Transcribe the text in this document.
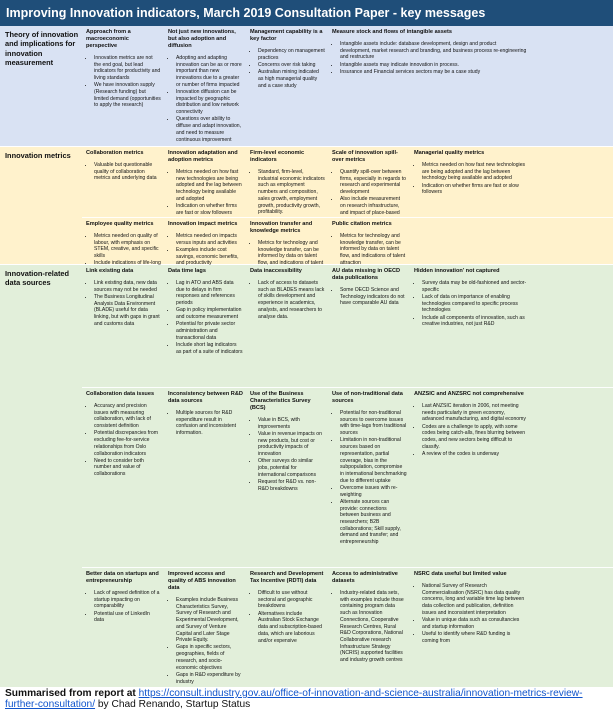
Improving Innovation indicators, March 2019 Consultation Paper - key messages
Theory of innovation and implications for innovation measurement
Approach from a macroeconomic perspective
• Innovation metrics are not the end goal, but lead indicators for productivity and living standards
• We have innovation supply (Research funding) but limited demand (opportunities to apply the research)
Not just new innovations, but also adoption and diffusion
• Adopting and adapting innovation can be as or more important than new innovations due to a greater or number of firms impacted
• Innovation diffusion can be impacted by geographic distribution and low network connectivity
• Questions over ability to diffuse and adapt innovation, and need to measure continuous improvement
Management capability is a key factor
• Dependency on management practices
• Concerns over risk taking
• Australian mining indicated as high managerial quality and a case study
Measure stock and flows of intangible assets
• Intangible assets include: database development, design and product development, market research and branding, and business process re-engineering and restructure
• Intangible assets may indicate innovation in process.
• Insurance and Financial services sectors may be a case study
Innovation metrics	Collaboration metrics
• Valuable but questionable quality of collaboration metrics and underlying data
Innovation adaptation and adoption metrics
• Metrics needed on how fast new technologies are being adopted and the lag between technology being available and adopted
• Indication on whether firms are fast or slow followers
Firm-level economic indicators
• Standard, firm-level, industrial economic indicators such as employment numbers and composition, sales growth, employment growth, productivity growth, profitability.
•
Scale of innovation spill-over metrics
• Quantify spill-over between firms, especially in regards to research and experimental development
• Also include measurement on research infrastructure, and impact of place-based
Managerial quality metrics
• Metrics needed on how fast new technologies are being adopted and the lag between technology being available and adopted
• Indication on whether firms are fast or slow followers
Employee quality metrics
• Metrics needed on quality of labour, with emphasis on STEM, creative, and specific skills
• Include indications of life-long
Innovation impact metrics
• Metrics needed on impacts versus inputs and activities
• Examples include cost savings, economic benefits, and productivity
Innovation transfer and knowledge metrics
• Metrics for technology and knowledge transfer, can be informed by data on talent flow, and indications of talent
Public citation metrics
• Metrics for technology and knowledge transfer, can be informed by data on talent flow, and indications of talent attraction
Innovation-related data sources
Link existing data
• Link existing data, new data sources may not be needed
• The Business Longitudinal Analysis Data Environment (BLADE) useful for data linking, but with gaps in grant and customs data
Data time lags
• Lag in ATO and ABS data due to delays in firm responses and references periods
• Gap in policy implementation and outcome measurement
• Potential for private sector administration and transactional data
• Include short lag indicators as part of a suite of indicators
Data inaccessibility
• Lack of access to datasets such as BLADES means lack of skills development and experience in academics, analysts, and researchers to analyse data.
AU data missing in OECD data publications
• Some OECD Science and Technology indicators do not have comparable AU data
Hidden innovation' not captured
• Survey data may be old-fashioned and sector-specific
• Lack of data on importance of enabling technologies compared to specific process technologies
• Include all components of innovation, such as creative industries, not just R&D
Collaboration data issues
• Accuracy and precision issues with measuring collaboration, with lack of consistent definition
• Potential discrepancies from excluding fee-for-service relationships from Oslo collaboration indicators
• Need to consider both number and value of collaborations
Inconsistency between R&D data sources
• Multiple sources for R&D expenditure result in confusion and inconsistent information.
Use of the Business Characteristics Survey (BCS)
• Value in BCS, with improvements
• Value in revenue impacts on new products, but cost or productivity impacts of innovation
• Other surveys do similar jobs, potential for international comparisons
• Request for R&D vs. non-R&D breakdowns
Use of non-traditional data sources
• Potential for non-traditional sources to overcome issues with time-lags from traditional sources
• Limitation in non-traditional sources based on representation, partial coverage, bias in the subpopulation, compromise in international benchmarking due to different uptake
• Overcome issues with re-weighting
• Alternate sources can provide: connections between business and researchers; B2B collaborations; Skill supply, demand and transfer; and entrepreneurship
ANZSIC and ANZSRC not comprehensive
• Last ANZSIC iteration in 2006, not meeting needs particularly in green economy, advanced manufacturing, and digital economy
• Codes are a challenge to apply, with some codes being catch-alls, fines blurring between codes, and new sectors being difficult to classify.
• A review of the codes is underway
Better data on startups and entrepreneurship
• Lack of agreed definition of a startup impacting on comparability
• Potential use of LinkedIn data
Improved access and quality of ABS innovation data
• Examples include Business Characteristics Survey, Survey of Research and Experimental Development, and Survey of Venture Capital and Later Stage Private Equity.
• Gaps in specific sectors, geographies, fields of research, and socio-economic objectives
• Gaps in R&D expenditure by industry
Research and Development Tax Incentive (RDTI) data
• Difficult to use without sectoral and geographic breakdowns
• Alternatives include Australian Stock Exchange data and subscription-based data, which are laborious and/or expensive
Access to administrative datasets
• Industry-related data sets, with examples include those containing program data such as Innovation Connections, Cooperative Research Centres, Rural R&D Corporations, National Collaborative research Infrastructure Strategy (NCRIS) supported facilities and industry growth centres
NSRC data useful but limited value
• National Survey of Research Commercialisation (NSRC) has data quality concerns, long and variable time lag between data collection and publication, definition issues and inconsistent interpretation
• Value in unique data such as consultancies and startup information
• Useful to identify where R&D funding is coming from
Summarised from report at https://consult.industry.gov.au/office-of-innovation-and-science-australia/innovation-metrics-review-
further-consultation/ by Chad Renando, Startup Status
